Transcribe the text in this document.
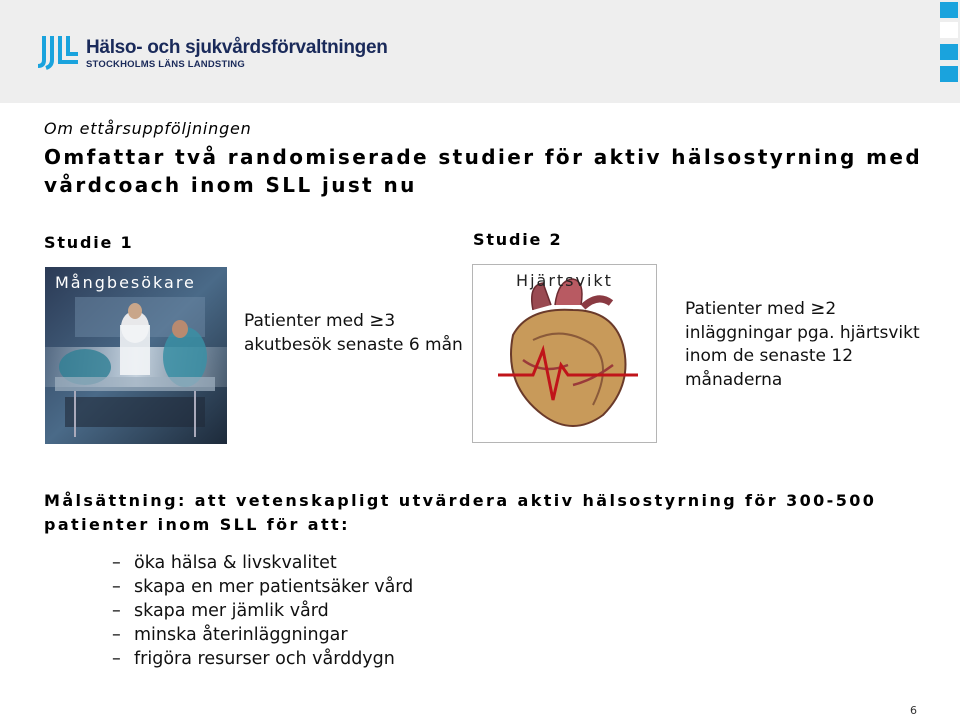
Hälso- och sjukvårdsförvaltningen
STOCKHOLMS LÄNS LANDSTING
Om ettårsuppföljningen
Omfattar två randomiserade studier för aktiv hälsostyrning med vårdcoach inom SLL just nu
Studie 1	Studie 2
Mångbesökare
Patienter med ≥3 akutbesök senaste 6 mån
Hjärtsvikt
Patienter med ≥2 inläggningar pga. hjärtsvikt inom de senaste 12 månaderna
Målsättning: att vetenskapligt utvärdera aktiv hälsostyrning för 300-500 patienter inom SLL för att:
– öka hälsa & livskvalitet
– skapa en mer patientsäker vård
– skapa mer jämlik vård
– minska återinläggningar
– frigöra resurser och vårddygn
6
